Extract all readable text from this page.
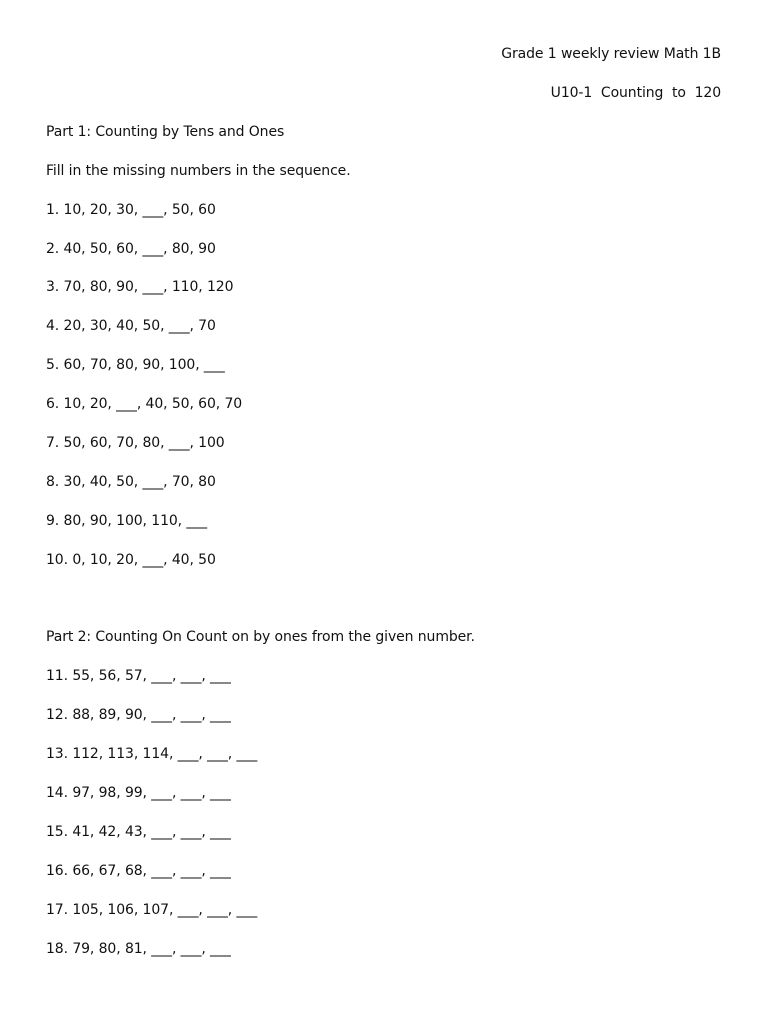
Grade 1 weekly review Math 1B
U10-1  Counting  to  120
Part 1: Counting by Tens and Ones
Fill in the missing numbers in the sequence.
1. 10, 20, 30, ___, 50, 60
2. 40, 50, 60, ___, 80, 90
3. 70, 80, 90, ___, 110, 120
4. 20, 30, 40, 50, ___, 70
5. 60, 70, 80, 90, 100, ___
6. 10, 20, ___, 40, 50, 60, 70
7. 50, 60, 70, 80, ___, 100
8. 30, 40, 50, ___, 70, 80
9. 80, 90, 100, 110, ___
10. 0, 10, 20, ___, 40, 50
Part 2: Counting On Count on by ones from the given number.
11. 55, 56, 57, ___, ___, ___
12. 88, 89, 90, ___, ___, ___
13. 112, 113, 114, ___, ___, ___
14. 97, 98, 99, ___, ___, ___
15. 41, 42, 43, ___, ___, ___
16. 66, 67, 68, ___, ___, ___
17. 105, 106, 107, ___, ___, ___
18. 79, 80, 81, ___, ___, ___
